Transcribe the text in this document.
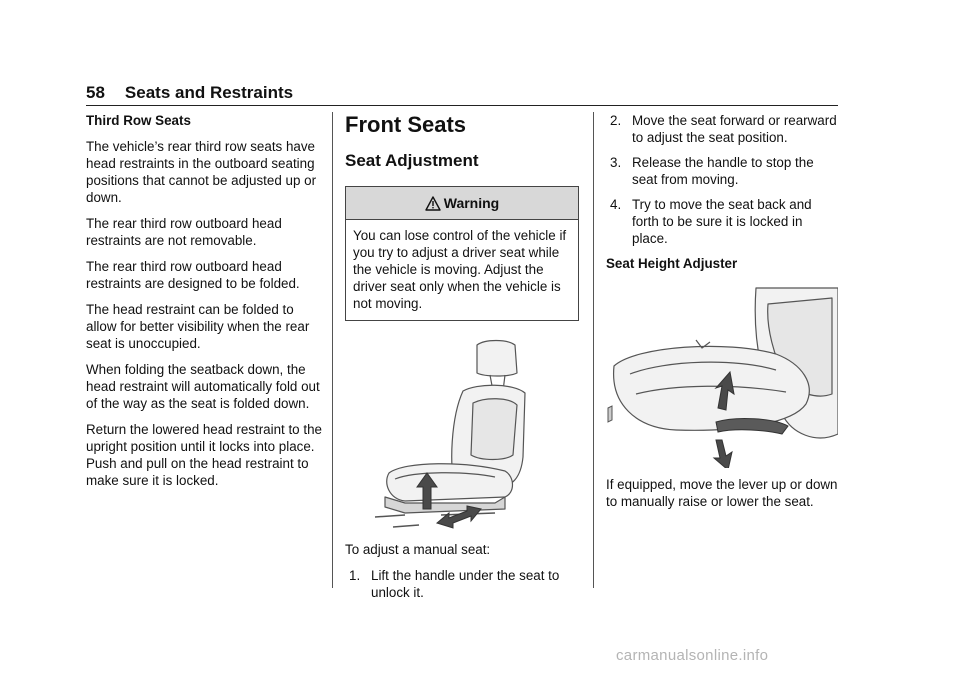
58 Seats and Restraints

Third Row Seats

The vehicle’s rear third row seats have head restraints in the outboard seating positions that cannot be adjusted up or down.

The rear third row outboard head restraints are not removable.

The rear third row outboard head restraints are designed to be folded.

The head restraint can be folded to allow for better visibility when the rear seat is unoccupied.

When folding the seatback down, the head restraint will automatically fold out of the way as the seat is folded down.

Return the lowered head restraint to the upright position until it locks into place. Push and pull on the head restraint to make sure it is locked.

Front Seats
Seat Adjustment
Warning
You can lose control of the vehicle if you try to adjust a driver seat while the vehicle is moving. Adjust the driver seat only when the vehicle is not moving.

To adjust a manual seat:

1. Lift the handle under the seat to unlock it.
2. Move the seat forward or rearward to adjust the seat position.
3. Release the handle to stop the seat from moving.
4. Try to move the seat back and forth to be sure it is locked in place.

Seat Height Adjuster

If equipped, move the lever up or down to manually raise or lower the seat.

carmanualsonline.info
